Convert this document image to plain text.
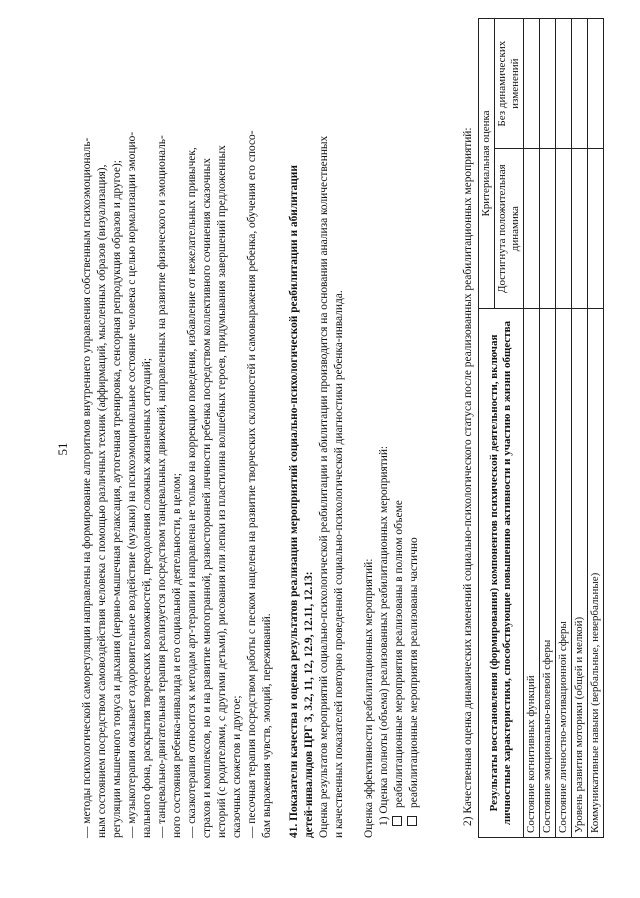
51 — методы психологической саморегуляции направлены на формирование алгоритмов внутреннего управления собственным психоэмоциональ- ным состоянием посредством самовоздействия человека с помощью различных техник (аффирмаций, мысленных образов (визуализация), регуляции мышечного тонуса и дыхания (нервно-мышечная релаксация, аутогенная тренировка, сенсорная репродукция образов и другое); — музыкотерапия оказывает оздоровительное воздействие (музыки) на психоэмоциональное состояние человека с целью нормализации эмоцио- нального фона, раскрытия творческих возможностей, преодоления сложных жизненных ситуаций; — танцевально-двигательная терапия реализуется посредством танцевальных движений, направленных на развитие физического и эмоциональ- ного состояния ребенка-инвалида и его социальной деятельности, в целом; — сказкотерапия относится к методам арт-терапии и направлена не только на коррекцию поведения, избавление от нежелательных привычек, страхов и комплексов, но и на развитие многогранной, разносторонней личности ребенка посредством коллективного сочинения сказочных историй (с родителями, с другими детьми), рисования или лепки из пластилина волшебных героев, придумывания завершений предложенных сказочных сюжетов и другое; — песочная терапия посредством работы с песком нацелена на развитие творческих склонностей и самовыражения ребенка, обучения его спосо- бам выражения чувств, эмоций, переживаний. 41. Показатели качества и оценка результатов реализации мероприятий социально-психологической реабилитации и абилитации детей-инвалидов ЦРГ 3, 3.2, 11, 12, 12.9, 12.11, 12.13: Оценка результатов мероприятий социально-психологической реабилитации и абилитации производится на основании анализа количественных и качественных показателей повторно проведенной социально-психологической диагностики ребенка-инвалида. Оценка эффективности реабилитационных мероприятий: 1) Оценка полноты (объема) реализованных реабилитационных мероприятий: реабилитационные мероприятия реализованы в полном объеме реабилитационные мероприятия реализованы частично	2) Качественная оценка динамических изменений социально-психологического статуса после реализованных реабилитационных мероприятий: Результаты восстановления (формирования) компонентов психической деятельности, включая личностные характеристики, способствующие повышению активности и участию в жизни общества	Критериальная оценка	
	Достигнута положительная динамика	Без динамических изменений
Состояние когнитивных функций		
Состояние эмоционально-волевой сферы		
Состояние личностно-мотивационной сферы		
Уровень развития моторики (общей и мелкой)		
Коммуникативные навыки (вербальные, невербальные)		
